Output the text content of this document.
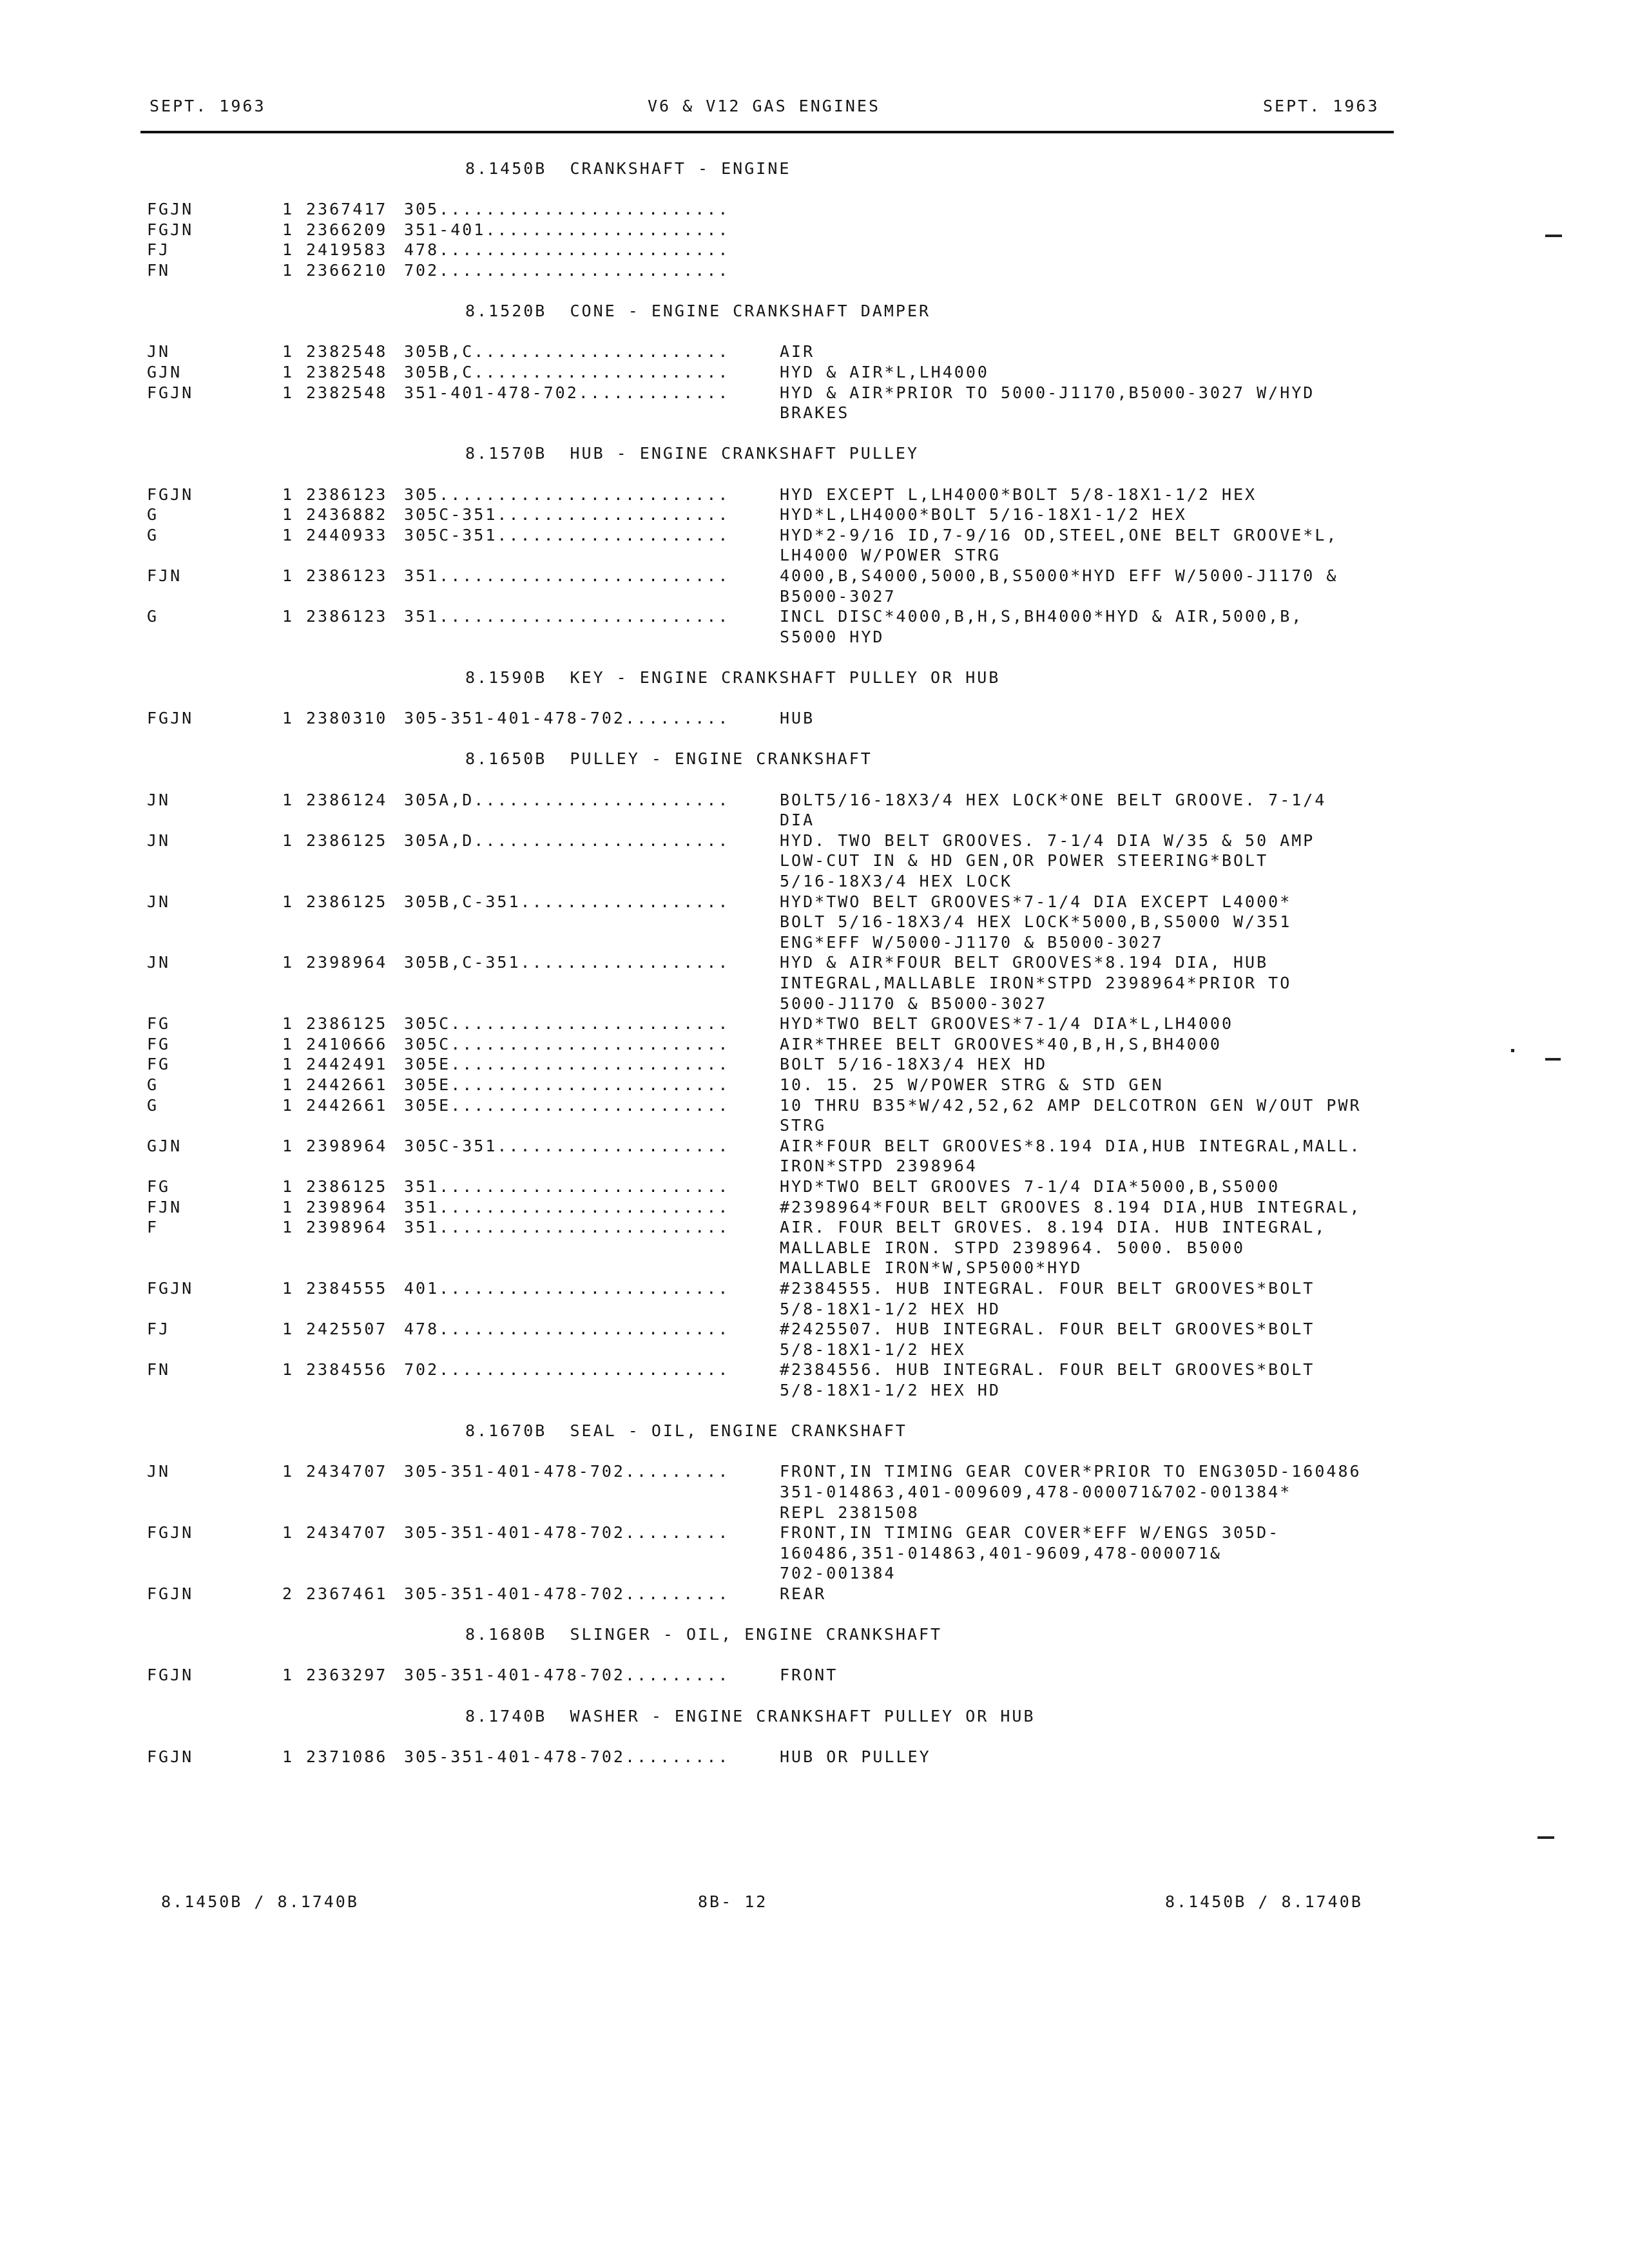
SEPT. 1963	V6 & V12 GAS ENGINES	SEPT. 1963
8.1450B  CRANKSHAFT - ENGINE
FGJN	1 2367417 305.........................
FGJN	1 2366209 351-401.....................
FJ	1 2419583 478.........................
FN	1 2366210 702.........................
8.1520B  CONE - ENGINE CRANKSHAFT DAMPER
JN	1 2382548 305B,C......................	AIR
GJN	1 2382548 305B,C......................	HYD & AIR*L,LH4000
FGJN	1 2382548 351-401-478-702.............	HYD & AIR*PRIOR TO 5000-J1170,B5000-3027 W/HYD
BRAKES
8.1570B  HUB - ENGINE CRANKSHAFT PULLEY
FGJN	1 2386123 305.........................	HYD EXCEPT L,LH4000*BOLT 5/8-18X1-1/2 HEX
G	1 2436882 305C-351....................	HYD*L,LH4000*BOLT 5/16-18X1-1/2 HEX
G	1 2440933 305C-351....................	HYD*2-9/16 ID,7-9/16 OD,STEEL,ONE BELT GROOVE*L,
LH4000 W/POWER STRG
FJN	1 2386123 351.........................	4000,B,S4000,5000,B,S5000*HYD EFF W/5000-J1170 &
B5000-3027
G	1 2386123 351.........................	INCL DISC*4000,B,H,S,BH4000*HYD & AIR,5000,B,
S5000 HYD
8.1590B  KEY - ENGINE CRANKSHAFT PULLEY OR HUB
FGJN	1 2380310 305-351-401-478-702.........	HUB
8.1650B  PULLEY - ENGINE CRANKSHAFT
JN	1 2386124 305A,D......................	BOLT5/16-18X3/4 HEX LOCK*ONE BELT GROOVE. 7-1/4
DIA
JN	1 2386125 305A,D......................	HYD. TWO BELT GROOVES. 7-1/4 DIA W/35 & 50 AMP
LOW-CUT IN & HD GEN,OR POWER STEERING*BOLT
5/16-18X3/4 HEX LOCK
JN	1 2386125 305B,C-351..................	HYD*TWO BELT GROOVES*7-1/4 DIA EXCEPT L4000*
BOLT 5/16-18X3/4 HEX LOCK*5000,B,S5000 W/351
ENG*EFF W/5000-J1170 & B5000-3027
JN	1 2398964 305B,C-351..................	HYD & AIR*FOUR BELT GROOVES*8.194 DIA, HUB
INTEGRAL,MALLABLE IRON*STPD 2398964*PRIOR TO
5000-J1170 & B5000-3027
FG	1 2386125 305C........................	HYD*TWO BELT GROOVES*7-1/4 DIA*L,LH4000
FG	1 2410666 305C........................	AIR*THREE BELT GROOVES*40,B,H,S,BH4000
FG	1 2442491 305E........................	BOLT 5/16-18X3/4 HEX HD
G	1 2442661 305E........................	10. 15. 25 W/POWER STRG & STD GEN
G	1 2442661 305E........................	10 THRU B35*W/42,52,62 AMP DELCOTRON GEN W/OUT PWR
STRG
GJN	1 2398964 305C-351....................	AIR*FOUR BELT GROOVES*8.194 DIA,HUB INTEGRAL,MALL.
IRON*STPD 2398964
FG	1 2386125 351.........................	HYD*TWO BELT GROOVES 7-1/4 DIA*5000,B,S5000
FJN	1 2398964 351.........................	#2398964*FOUR BELT GROOVES 8.194 DIA,HUB INTEGRAL,
F	1 2398964 351.........................	AIR. FOUR BELT GROVES. 8.194 DIA. HUB INTEGRAL,
MALLABLE IRON. STPD 2398964. 5000. B5000
MALLABLE IRON*W,SP5000*HYD
FGJN	1 2384555 401.........................	#2384555. HUB INTEGRAL. FOUR BELT GROOVES*BOLT
5/8-18X1-1/2 HEX HD
FJ	1 2425507 478.........................	#2425507. HUB INTEGRAL. FOUR BELT GROOVES*BOLT
5/8-18X1-1/2 HEX
FN	1 2384556 702.........................	#2384556. HUB INTEGRAL. FOUR BELT GROOVES*BOLT
5/8-18X1-1/2 HEX HD
8.1670B  SEAL - OIL, ENGINE CRANKSHAFT
JN	1 2434707 305-351-401-478-702.........	FRONT,IN TIMING GEAR COVER*PRIOR TO ENG305D-160486
351-014863,401-009609,478-000071&702-001384*
REPL 2381508
FGJN	1 2434707 305-351-401-478-702.........	FRONT,IN TIMING GEAR COVER*EFF W/ENGS 305D-
160486,351-014863,401-9609,478-000071&
702-001384
FGJN	2 2367461 305-351-401-478-702.........	REAR
8.1680B  SLINGER - OIL, ENGINE CRANKSHAFT
FGJN	1 2363297 305-351-401-478-702.........	FRONT
8.1740B  WASHER - ENGINE CRANKSHAFT PULLEY OR HUB
FGJN	1 2371086 305-351-401-478-702.........	HUB OR PULLEY
8.1450B / 8.1740B	8B- 12	8.1450B / 8.1740B
